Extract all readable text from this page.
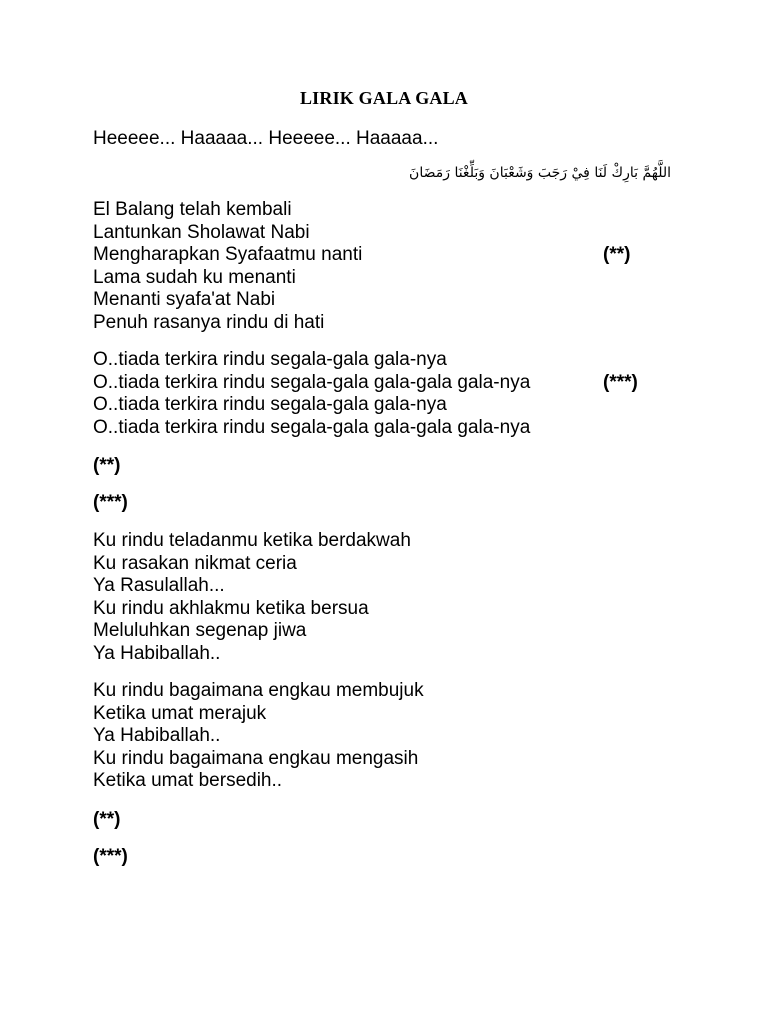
LIRIK GALA GALA
Heeeee... Haaaaa... Heeeee... Haaaaa...
اللَّهُمَّ بَارِكْ لَنَا فِيْ رَجَبَ وَشَعْبَانَ وَبَلِّغْنَا رَمَضَانَ
El Balang telah kembali
Lantunkan Sholawat Nabi
Mengharapkan Syafaatmu nanti	(**)
Lama sudah ku menanti
Menanti syafa'at Nabi
Penuh rasanya rindu di hati
O..tiada terkira rindu segala-gala gala-nya
O..tiada terkira rindu segala-gala gala-gala gala-nya	(***)
O..tiada terkira rindu segala-gala gala-nya
O..tiada terkira rindu segala-gala gala-gala gala-nya
(**)
(***)
Ku rindu teladanmu ketika berdakwah
Ku rasakan nikmat ceria
Ya Rasulallah...
Ku rindu akhlakmu ketika bersua
Meluluhkan segenap jiwa
Ya Habiballah..
Ku rindu bagaimana engkau membujuk
Ketika umat merajuk
Ya Habiballah..
Ku rindu bagaimana engkau mengasih
Ketika umat bersedih..
(**)
(***)
